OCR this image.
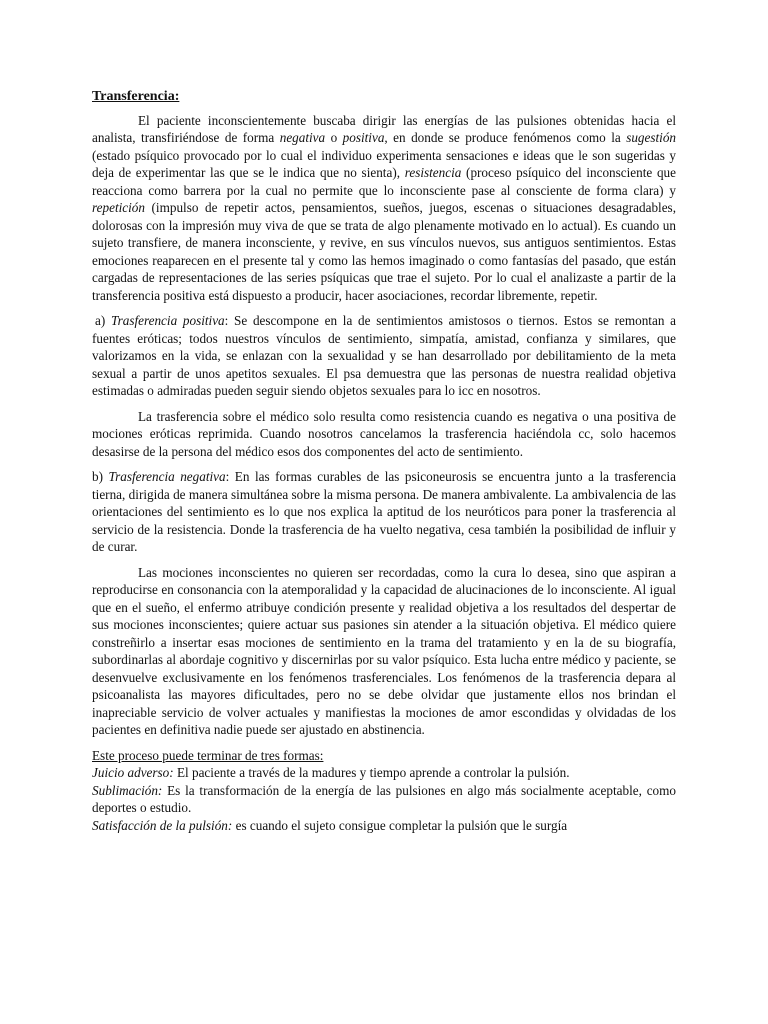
Transferencia:

El paciente inconscientemente buscaba dirigir las energías de las pulsiones obtenidas hacia el analista, transfiriéndose de forma negativa o positiva, en donde se produce fenómenos como la sugestión (estado psíquico provocado por lo cual el individuo experimenta sensaciones e ideas que le son sugeridas y deja de experimentar las que se le indica que no sienta), resistencia (proceso psíquico del inconsciente que reacciona como barrera por la cual no permite que lo inconsciente pase al consciente de forma clara) y repetición (impulso de repetir actos, pensamientos, sueños, juegos, escenas o situaciones desagradables, dolorosas con la impresión muy viva de que se trata de algo plenamente motivado en lo actual). Es cuando un sujeto transfiere, de manera inconsciente, y revive, en sus vínculos nuevos, sus antiguos sentimientos. Estas emociones reaparecen en el presente tal y como las hemos imaginado o como fantasías del pasado, que están cargadas de representaciones de las series psíquicas que trae el sujeto. Por lo cual el analizaste a partir de la transferencia positiva está dispuesto a producir, hacer asociaciones, recordar libremente, repetir.

a) Trasferencia positiva: Se descompone en la de sentimientos amistosos o tiernos. Estos se remontan a fuentes eróticas; todos nuestros vínculos de sentimiento, simpatía, amistad, confianza y similares, que valorizamos en la vida, se enlazan con la sexualidad y se han desarrollado por debilitamiento de la meta sexual a partir de unos apetitos sexuales. El psa demuestra que las personas de nuestra realidad objetiva estimadas o admiradas pueden seguir siendo objetos sexuales para lo icc en nosotros.

La trasferencia sobre el médico solo resulta como resistencia cuando es negativa o una positiva de mociones eróticas reprimida. Cuando nosotros cancelamos la trasferencia haciéndola cc, solo hacemos desasirse de la persona del médico esos dos componentes del acto de sentimiento.

b) Trasferencia negativa: En las formas curables de las psiconeurosis se encuentra junto a la trasferencia tierna, dirigida de manera simultánea sobre la misma persona. De manera ambivalente. La ambivalencia de las orientaciones del sentimiento es lo que nos explica la aptitud de los neuróticos para poner la trasferencia al servicio de la resistencia. Donde la trasferencia de ha vuelto negativa, cesa también la posibilidad de influir y de curar.

Las mociones inconscientes no quieren ser recordadas, como la cura lo desea, sino que aspiran a reproducirse en consonancia con la atemporalidad y la capacidad de alucinaciones de lo inconsciente. Al igual que en el sueño, el enfermo atribuye condición presente y realidad objetiva a los resultados del despertar de sus mociones inconscientes; quiere actuar sus pasiones sin atender a la situación objetiva. El médico quiere constreñirlo a insertar esas mociones de sentimiento en la trama del tratamiento y en la de su biografía, subordinarlas al abordaje cognitivo y discernirlas por su valor psíquico. Esta lucha entre médico y paciente, se desenvuelve exclusivamente en los fenómenos trasferenciales. Los fenómenos de la trasferencia depara al psicoanalista las mayores dificultades, pero no se debe olvidar que justamente ellos nos brindan el inapreciable servicio de volver actuales y manifiestas la mociones de amor escondidas y olvidadas de los pacientes en definitiva nadie puede ser ajustado en abstinencia.

Este proceso puede terminar de tres formas:

Juicio adverso: El paciente a través de la madures y tiempo aprende a controlar la pulsión.

Sublimación: Es la transformación de la energía de las pulsiones en algo más socialmente aceptable, como deportes o estudio.

Satisfacción de la pulsión: es cuando el sujeto consigue completar la pulsión que le surgía
